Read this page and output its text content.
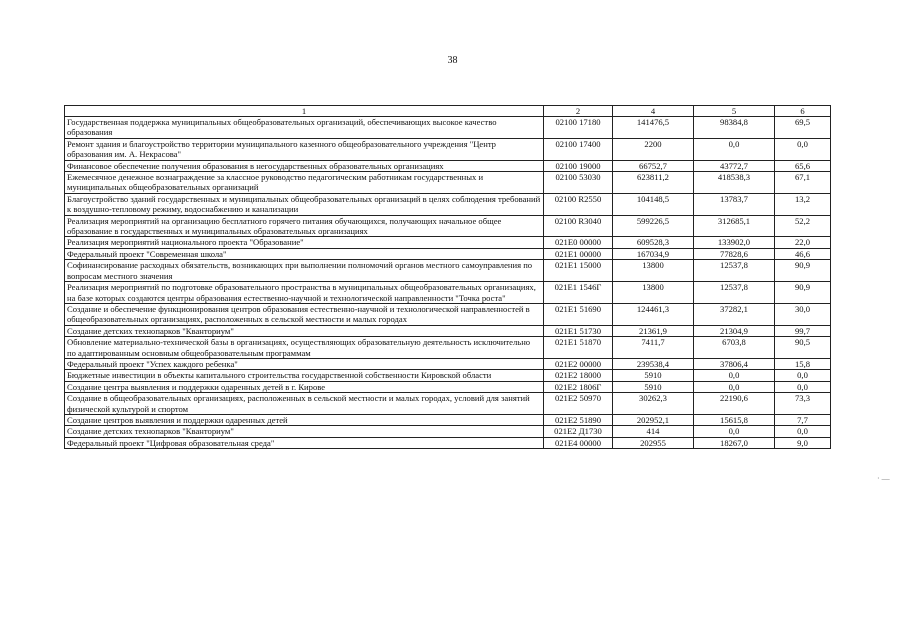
38
1	2	4	5	6
Государственная поддержка муниципальных общеобразовательных организаций, обеспечивающих высокое качество образования	02100 17180	141476,5	98384,8	69,5
Ремонт здания и благоустройство территории муниципального казенного общеобразовательного учреждения "Центр образования им. А. Некрасова"	02100 17400	2200	0,0	0,0
Финансовое обеспечение получения образования в негосударственных образовательных организациях	02100 19000	66752,7	43772,7	65,6
Ежемесячное денежное вознаграждение за классное руководство педагогическим работникам государственных и муниципальных общеобразовательных организаций	02100 53030	623811,2	418538,3	67,1
Благоустройство зданий государственных и муниципальных общеобразовательных организаций в целях соблюдения требований к воздушно-тепловому режиму, водоснабжению и канализации	02100 R2550	104148,5	13783,7	13,2
Реализация мероприятий на организацию бесплатного горячего питания обучающихся, получающих начальное общее образование в государственных и муниципальных образовательных организациях	02100 R3040	599226,5	312685,1	52,2
Реализация мероприятий национального проекта "Образование"	021E0 00000	609528,3	133902,0	22,0
Федеральный проект "Современная школа"	021E1 00000	167034,9	77828,6	46,6
Софинансирование расходных обязательств, возникающих при выполнении полномочий органов местного самоуправления по вопросам местного значения	021E1 15000	13800	12537,8	90,9
Реализация мероприятий по подготовке образовательного пространства в муниципальных общеобразовательных организациях, на базе которых создаются центры образования естественно-научной и технологической направленности "Точка роста"	021E1 1546Г	13800	12537,8	90,9
Создание и обеспечение функционирования центров образования естественно-научной и технологической направленностей в общеобразовательных организациях, расположенных в сельской местности и малых городах	021E1 51690	124461,3	37282,1	30,0
Создание детских технопарков "Кванториум"	021E1 51730	21361,9	21304,9	99,7
Обновление материально-технической базы в организациях, осуществляющих образовательную деятельность исключительно по адаптированным основным общеобразовательным программам	021E1 51870	7411,7	6703,8	90,5
Федеральный проект "Успех каждого ребенка"	021E2 00000	239538,4	37806,4	15,8
Бюджетные инвестиции в объекты капитального строительства государственной собственности Кировской области	021E2 18000	5910	0,0	0,0
Создание центра выявления и поддержки одаренных детей в г. Кирове	021E2 1806Г	5910	0,0	0,0
Создание в общеобразовательных организациях, расположенных в сельской местности и малых городах, условий для занятий физической культурой и спортом	021E2 50970	30262,3	22190,6	73,3
Создание центров выявления и поддержки одаренных детей	021E2 51890	202952,1	15615,8	7,7
Создание детских технопарков "Кванториум"	021E2 Д1730	414	0,0	0,0
Федеральный проект "Цифровая образовательная среда"	021E4 00000	202955	18267,0	9,0
· ―
